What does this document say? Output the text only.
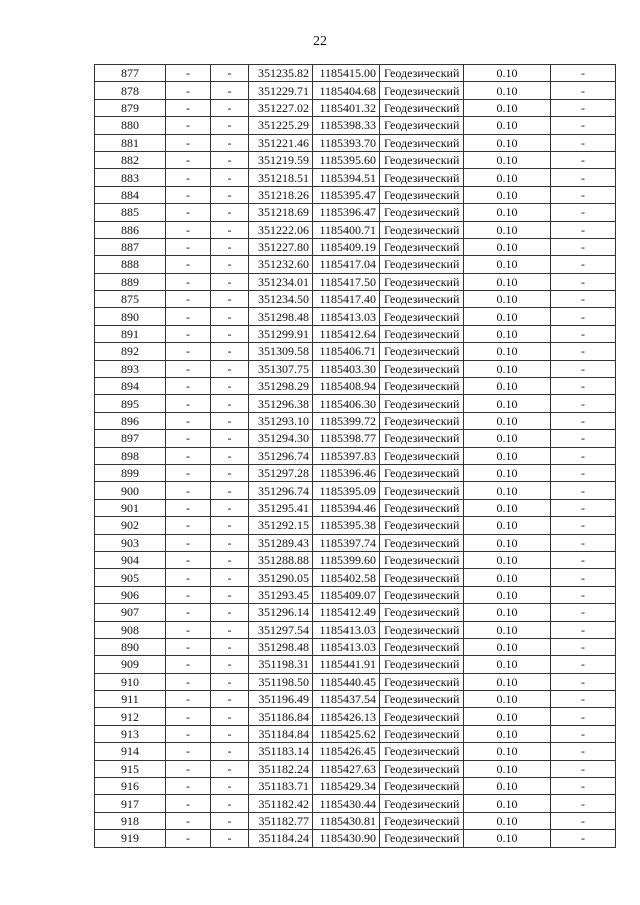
22
877	-	-	351235.82	1185415.00	Геодезический	0.10	-
878	-	-	351229.71	1185404.68	Геодезический	0.10	-
879	-	-	351227.02	1185401.32	Геодезический	0.10	-
880	-	-	351225.29	1185398.33	Геодезический	0.10	-
881	-	-	351221.46	1185393.70	Геодезический	0.10	-
882	-	-	351219.59	1185395.60	Геодезический	0.10	-
883	-	-	351218.51	1185394.51	Геодезический	0.10	-
884	-	-	351218.26	1185395.47	Геодезический	0.10	-
885	-	-	351218.69	1185396.47	Геодезический	0.10	-
886	-	-	351222.06	1185400.71	Геодезический	0.10	-
887	-	-	351227.80	1185409.19	Геодезический	0.10	-
888	-	-	351232.60	1185417.04	Геодезический	0.10	-
889	-	-	351234.01	1185417.50	Геодезический	0.10	-
875	-	-	351234.50	1185417.40	Геодезический	0.10	-
890	-	-	351298.48	1185413.03	Геодезический	0.10	-
891	-	-	351299.91	1185412.64	Геодезический	0.10	-
892	-	-	351309.58	1185406.71	Геодезический	0.10	-
893	-	-	351307.75	1185403.30	Геодезический	0.10	-
894	-	-	351298.29	1185408.94	Геодезический	0.10	-
895	-	-	351296.38	1185406.30	Геодезический	0.10	-
896	-	-	351293.10	1185399.72	Геодезический	0.10	-
897	-	-	351294.30	1185398.77	Геодезический	0.10	-
898	-	-	351296.74	1185397.83	Геодезический	0.10	-
899	-	-	351297.28	1185396.46	Геодезический	0.10	-
900	-	-	351296.74	1185395.09	Геодезический	0.10	-
901	-	-	351295.41	1185394.46	Геодезический	0.10	-
902	-	-	351292.15	1185395.38	Геодезический	0.10	-
903	-	-	351289.43	1185397.74	Геодезический	0.10	-
904	-	-	351288.88	1185399.60	Геодезический	0.10	-
905	-	-	351290.05	1185402.58	Геодезический	0.10	-
906	-	-	351293.45	1185409.07	Геодезический	0.10	-
907	-	-	351296.14	1185412.49	Геодезический	0.10	-
908	-	-	351297.54	1185413.03	Геодезический	0.10	-
890	-	-	351298.48	1185413.03	Геодезический	0.10	-
909	-	-	351198.31	1185441.91	Геодезический	0.10	-
910	-	-	351198.50	1185440.45	Геодезический	0.10	-
911	-	-	351196.49	1185437.54	Геодезический	0.10	-
912	-	-	351186.84	1185426.13	Геодезический	0.10	-
913	-	-	351184.84	1185425.62	Геодезический	0.10	-
914	-	-	351183.14	1185426.45	Геодезический	0.10	-
915	-	-	351182.24	1185427.63	Геодезический	0.10	-
916	-	-	351183.71	1185429.34	Геодезический	0.10	-
917	-	-	351182.42	1185430.44	Геодезический	0.10	-
918	-	-	351182.77	1185430.81	Геодезический	0.10	-
919	-	-	351184.24	1185430.90	Геодезический	0.10	-
